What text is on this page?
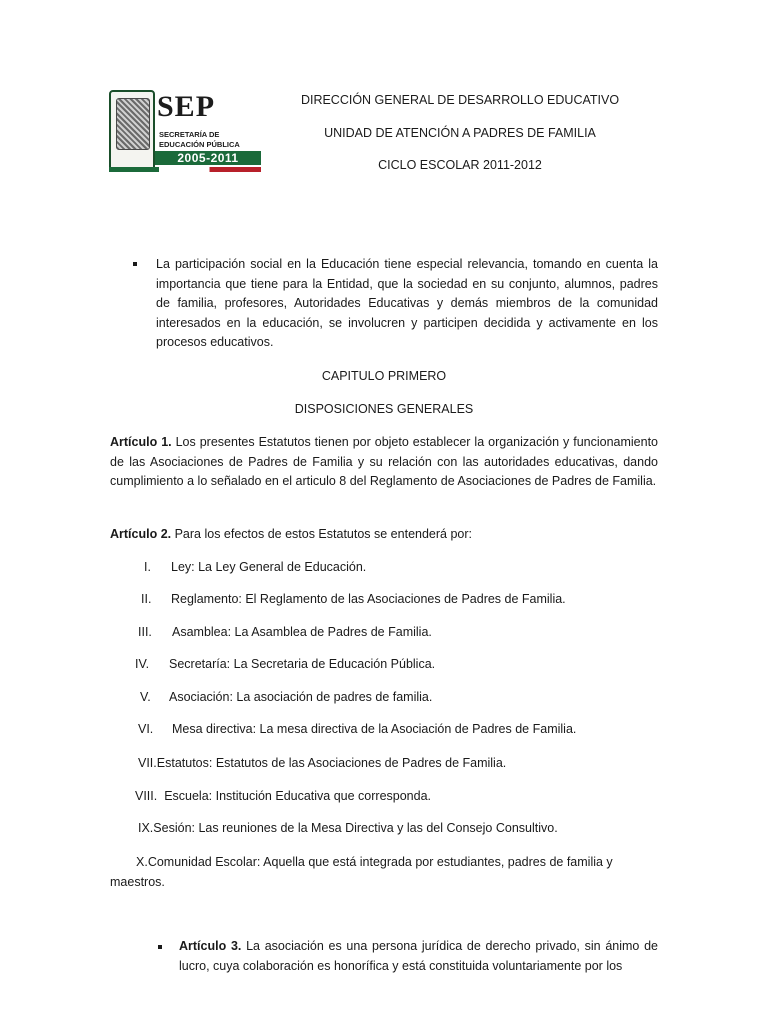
SEP
SECRETARÍA DE
EDUCACIÓN PÚBLICA
2005-2011
DIRECCIÓN GENERAL DE DESARROLLO EDUCATIVO
UNIDAD DE ATENCIÓN A PADRES DE FAMILIA
CICLO ESCOLAR 2011-2012
La participación social en la Educación tiene especial relevancia, tomando en cuenta la importancia que tiene para la Entidad, que la sociedad en su conjunto, alumnos, padres de familia, profesores, Autoridades Educativas y demás miembros de la comunidad interesados en la educación, se involucren y participen decidida y activamente en los procesos educativos.
CAPITULO PRIMERO
DISPOSICIONES GENERALES
Artículo 1. Los presentes Estatutos tienen por objeto establecer la organización y funcionamiento de las Asociaciones de Padres de Familia y su relación con las autoridades educativas, dando cumplimiento a lo señalado en el articulo 8 del Reglamento de Asociaciones de Padres de Familia.
Artículo 2. Para los efectos de estos Estatutos se entenderá por:
I. Ley: La Ley General de Educación.
II. Reglamento: El Reglamento de las Asociaciones de Padres de Familia.
III. Asamblea: La Asamblea de Padres de Familia.
IV. Secretaría: La Secretaria de Educación Pública.
V. Asociación: La asociación de padres de familia.
VI. Mesa directiva: La mesa directiva de la Asociación de Padres de Familia.
VII.Estatutos: Estatutos de las Asociaciones de Padres de Familia.
VIII. Escuela: Institución Educativa que corresponda.
IX.Sesión: Las reuniones de la Mesa Directiva y las del Consejo Consultivo.
X.Comunidad Escolar: Aquella que está integrada por estudiantes, padres de familia y maestros.
Artículo 3. La asociación es una persona jurídica de derecho privado, sin ánimo de lucro, cuya colaboración es honorífica y está constituida voluntariamente por los
